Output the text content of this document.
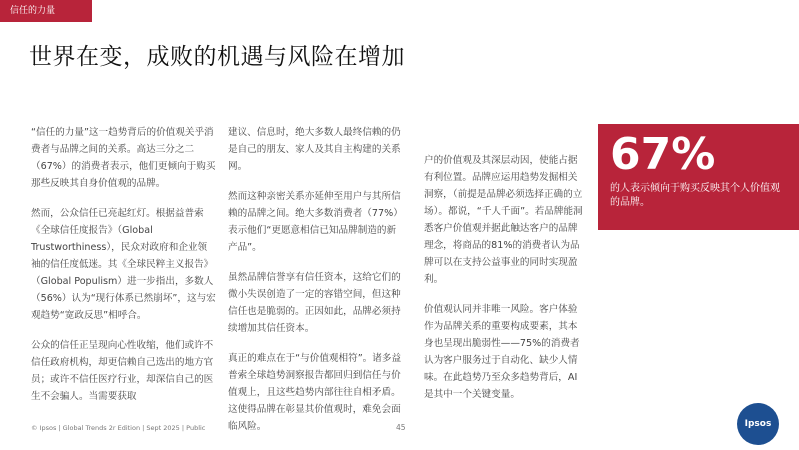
信任的力量
世界在变，成败的机遇与风险在增加

“信任的力量”这一趋势背后的价值观关乎消费者与品牌之间的关系。高达三分之二（67%）的消费者表示，他们更倾向于购买那些反映其自身价值观的品牌。

然而，公众信任已亮起红灯。根据益普索《全球信任度报告》（Global Trustworthiness），民众对政府和企业领袖的信任度低迷。其《全球民粹主义报告》（Global Populism）进一步指出，多数人（56%）认为“现行体系已然崩坏”，这与宏观趋势“宽政反思”相呼合。

公众的信任正呈现向心性收缩，他们或许不信任政府机构，却更信赖自己选出的地方官员；或许不信任医疗行业，却深信自己的医生不会骗人。当需要获取

建议、信息时，绝大多数人最终信赖的仍是自己的朋友、家人及其自主构建的关系网。

然而这种亲密关系亦延伸至用户与其所信赖的品牌之间。绝大多数消费者（77%）表示他们“更愿意相信已知品牌制造的新产品”。

虽然品牌信誉享有信任资本，这给它们的微小失误创造了一定的容错空间，但这种信任也是脆弱的。正因如此，品牌必须持续增加其信任资本。

真正的难点在于“与价值观相符”。诸多益普索全球趋势洞察报告都回归到信任与价值观上，且这些趋势内部往往自相矛盾。这使得品牌在彰显其价值观时，难免会面临风险。

户的价值观及其深层动因，使能占据有利位置。品牌应运用趋势发掘相关洞察，（前提是品牌必须选择正确的立场）。都说，“千人千面”。若品牌能洞悉客户价值观并据此触达客户的品牌理念，将商品的81%的消费者认为品牌可以在支持公益事业的同时实现盈利。

价值观认同并非唯一风险。客户体验作为品牌关系的重要构成要素，其本身也呈现出脆弱性——75%的消费者认为客户服务过于自动化、缺少人情味。在此趋势乃至众多趋势背后，AI是其中一个关键变量。

67%
的人表示倾向于购买反映其个人价值观的品牌。
© Ipsos | Global Trends 2r Edition | Sept 2025 | Public	45	Ipsos
